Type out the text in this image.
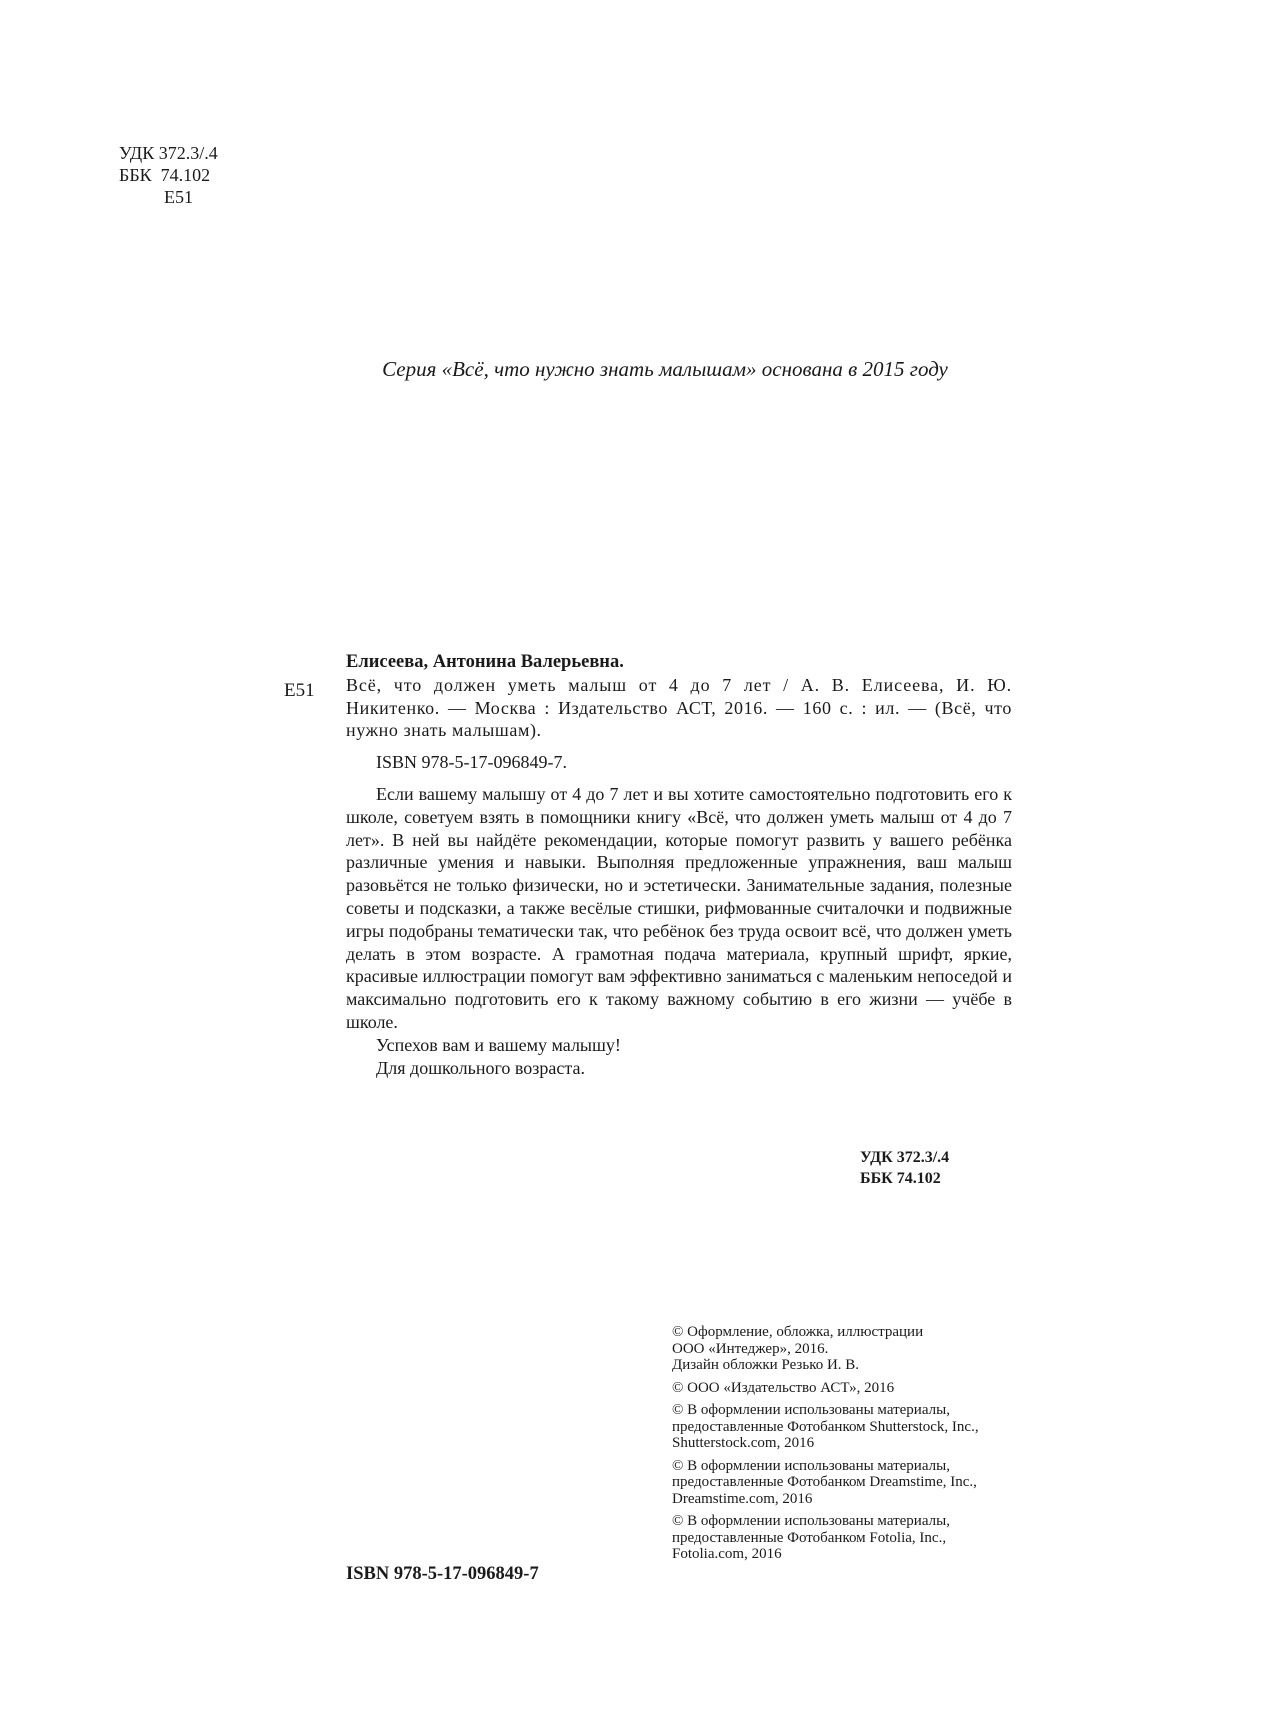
УДК 372.3/.4
ББК  74.102
Е51
Серия «Всё, что нужно знать малышам» основана в 2015 году
Е51
Елисеева, Антонина Валерьевна.
Всё, что должен уметь малыш от 4 до 7 лет / А. В. Елисеева, И. Ю. Никитенко. — Москва : Издательство АСТ, 2016. — 160 с. : ил. — (Всё, что нужно знать малышам).
ISBN 978-5-17-096849-7.

Если вашему малышу от 4 до 7 лет и вы хотите самостоятельно подготовить его к школе, советуем взять в помощники книгу «Всё, что должен уметь малыш от 4 до 7 лет». В ней вы найдёте рекомендации, которые помогут развить у вашего ребёнка различные умения и навыки. Выполняя предложенные упражнения, ваш малыш разовьётся не только физически, но и эстетически. Занимательные задания, полезные советы и подсказки, а также весёлые стишки, рифмованные считалочки и подвижные игры подобраны тематически так, что ребёнок без труда освоит всё, что должен уметь делать в этом возрасте. А грамотная подача материала, крупный шрифт, яркие, красивые иллюстрации помогут вам эффективно заниматься с маленьким непоседой и максимально подготовить его к такому важному событию в его жизни — учёбе в школе.

Успехов вам и вашему малышу!

Для дошкольного возраста.

УДК 372.3/.4
ББК 74.102
© Оформление, обложка, иллюстрации
ООО «Интеджер», 2016.
Дизайн обложки Резько И. В.
© ООО «Издательство АСТ», 2016
© В оформлении использованы материалы,
предоставленные Фотобанком Shutterstock, Inc.,
Shutterstock.com, 2016
© В оформлении использованы материалы,
предоставленные Фотобанком Dreamstime, Inc.,
Dreamstime.com, 2016
© В оформлении использованы материалы,
предоставленные Фотобанком Fotolia, Inc.,
Fotolia.com, 2016
ISBN 978-5-17-096849-7
